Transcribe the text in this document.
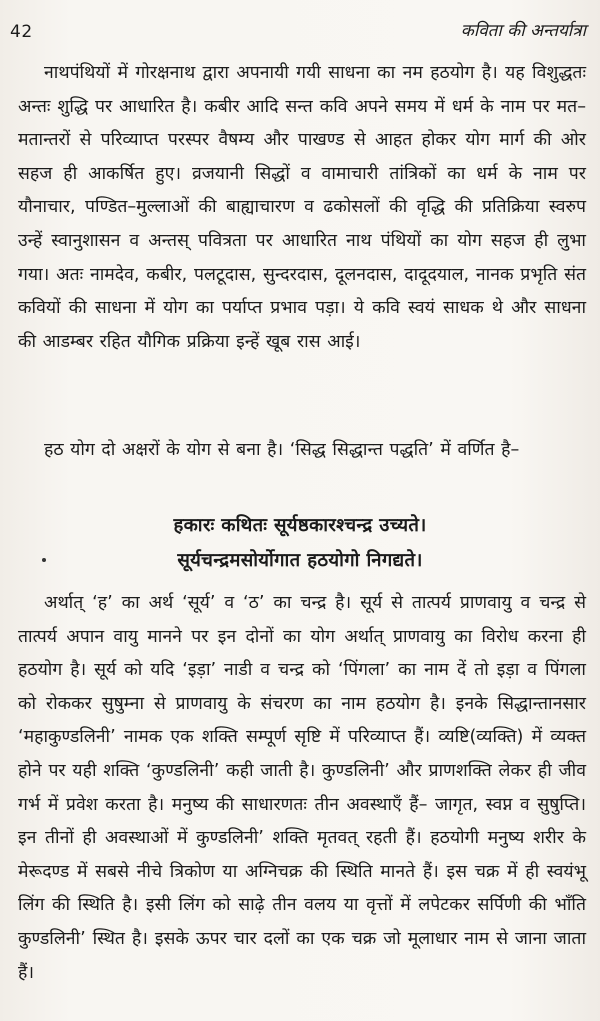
42	कविता की अन्तर्यात्रा

नाथपंथियों में गोरक्षनाथ द्वारा अपनायी गयी साधना का नम हठयोग है। यह विशुद्धतः अन्तः शुद्धि पर आधारित है। कबीर आदि सन्त कवि अपने समय में धर्म के नाम पर मत–मतान्तरों से परिव्याप्त परस्पर वैषम्य और पाखण्ड से आहत होकर योग मार्ग की ओर सहज ही आकर्षित हुए। व्रजयानी सिद्धों व वामाचारी तांत्रिकों का धर्म के नाम पर यौनाचार, पण्डित–मुल्लाओं की बाह्याचारण व ढकोसलों की वृद्धि की प्रतिक्रिया स्वरुप उन्हें स्वानुशासन व अन्तस् पवित्रता पर आधारित नाथ पंथियों का योग सहज ही लुभा गया। अतः नामदेव, कबीर, पलटूदास, सुन्दरदास, दूलनदास, दादूदयाल, नानक प्रभृति संत कवियों की साधना में योग का पर्याप्त प्रभाव पड़ा। ये कवि स्वयं साधक थे और साधना की आडम्बर रहित यौगिक प्रक्रिया इन्हें खूब रास आई।

हठ योग दो अक्षरों के योग से बना है। ‘सिद्ध सिद्धान्त पद्धति’ में वर्णित है–

हकारः कथितः सूर्यष्ठकारश्चन्द्र उच्यते।
सूर्यचन्द्रमसोर्योगात हठयोगो निगद्यते।

अर्थात् ‘ह’ का अर्थ ‘सूर्य’ व ‘ठ’ का चन्द्र है। सूर्य से तात्पर्य प्राणवायु व चन्द्र से तात्पर्य अपान वायु मानने पर इन दोनों का योग अर्थात् प्राणवायु का विरोध करना ही हठयोग है। सूर्य को यदि ‘इड़ा’ नाडी व चन्द्र को ‘पिंगला’ का नाम दें तो इड़ा व पिंगला को रोककर सुषुम्ना से प्राणवायु के संचरण का नाम हठयोग है। इनके सिद्धान्तानसार ‘महाकुण्डलिनी’ नामक एक शक्ति सम्पूर्ण सृष्टि में परिव्याप्त हैं। व्यष्टि(व्यक्ति) में व्यक्त होने पर यही शक्ति ‘कुण्डलिनी’ कही जाती है। कुण्डलिनी’ और प्राणशक्ति लेकर ही जीव गर्भ में प्रवेश करता है। मनुष्य की साधारणतः तीन अवस्थाएँ हैं– जागृत, स्वप्न व सुषुप्ति। इन तीनों ही अवस्थाओं में कुण्डलिनी’ शक्ति मृतवत् रहती हैं। हठयोगी मनुष्य शरीर के मेरूदण्ड में सबसे नीचे त्रिकोण या अग्निचक्र की स्थिति मानते हैं। इस चक्र में ही स्वयंभू लिंग की स्थिति है। इसी लिंग को साढ़े तीन वलय या वृत्तों में लपेटकर सर्पिणी की भाँति कुण्डलिनी’ स्थित है। इसके ऊपर चार दलों का एक चक्र जो मूलाधार नाम से जाना जाता हैं।
